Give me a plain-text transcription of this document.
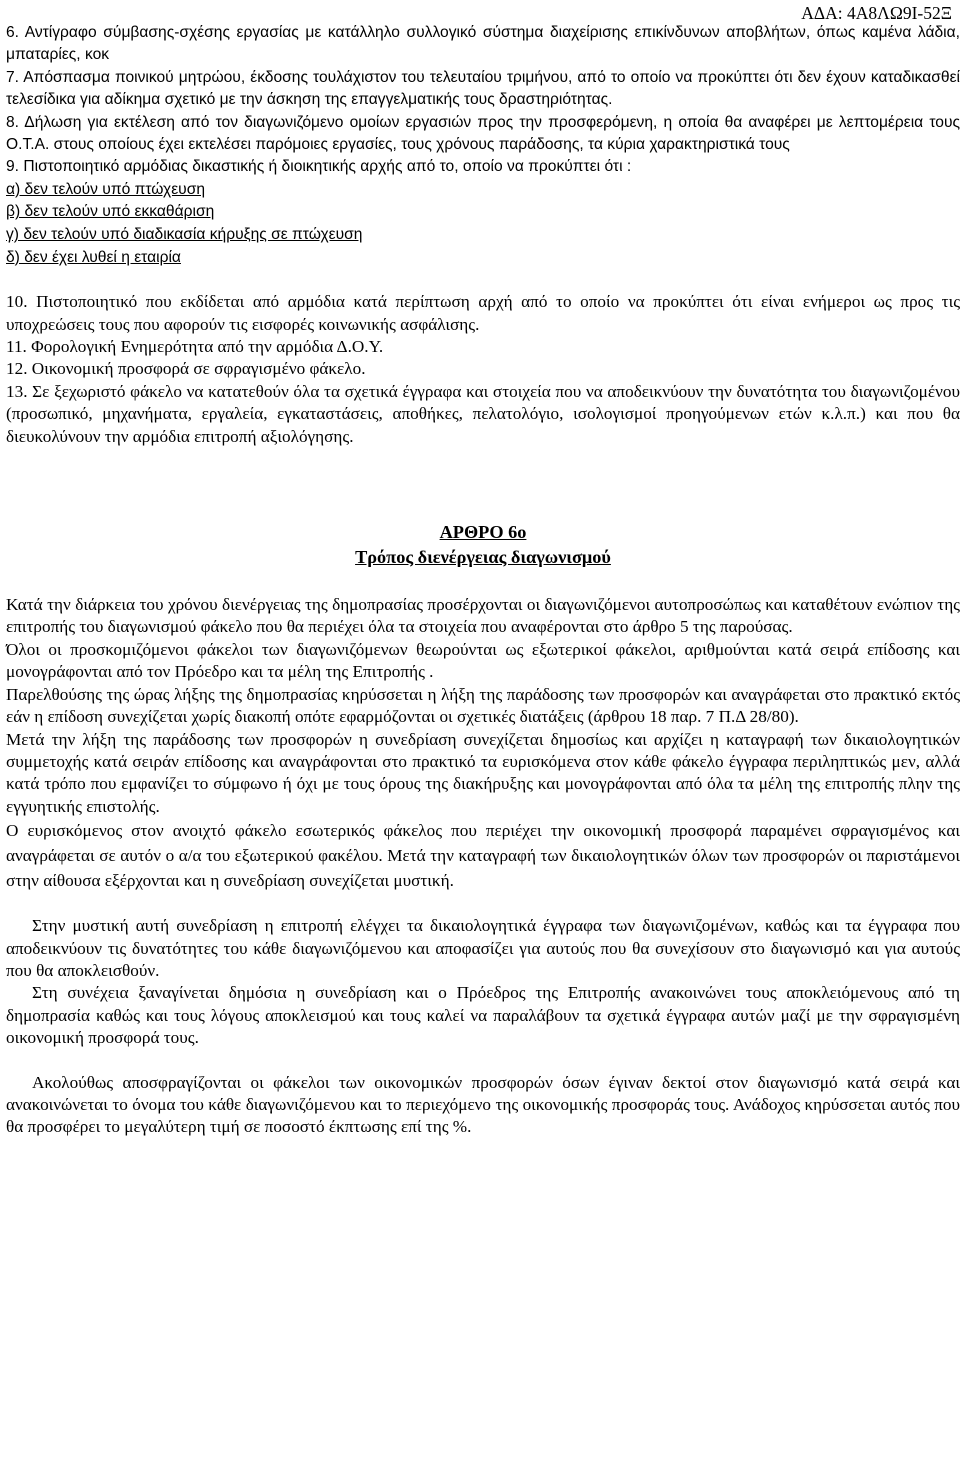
ΑΔΑ: 4Α8ΛΩ9Ι-52Ξ

6. Αντίγραφο σύμβασης-σχέσης εργασίας με κατάλληλο συλλογικό σύστημα διαχείρισης επικίνδυνων αποβλήτων, όπως καμένα λάδια, μπαταρίες, κοκ

7. Απόσπασμα ποινικού μητρώου, έκδοσης τουλάχιστον του τελευταίου τριμήνου, από το οποίο να προκύπτει ότι δεν έχουν καταδικασθεί τελεσίδικα για αδίκημα σχετικό με την άσκηση της επαγγελματικής τους δραστηριότητας.

8. Δήλωση για εκτέλεση από τον διαγωνιζόμενο ομοίων εργασιών προς την προσφερόμενη, η οποία θα αναφέρει με λεπτομέρεια τους Ο.Τ.Α. στους οποίους έχει εκτελέσει παρόμοιες εργασίες, τους χρόνους παράδοσης, τα κύρια χαρακτηριστικά τους

9. Πιστοποιητικό αρμόδιας δικαστικής ή διοικητικής αρχής από το, οποίο να προκύπτει ότι :

α) δεν τελούν υπό πτώχευση
β) δεν τελούν υπό εκκαθάριση
γ) δεν τελούν υπό διαδικασία κήρυξης σε πτώχευση
δ) δεν έχει λυθεί η εταιρία

10. Πιστοποιητικό που εκδίδεται από αρμόδια κατά περίπτωση αρχή από το οποίο να προκύπτει ότι είναι ενήμεροι ως προς τις υποχρεώσεις τους που αφορούν τις εισφορές κοινωνικής ασφάλισης.

11. Φορολογική Ενημερότητα από την αρμόδια Δ.Ο.Υ.

12. Οικονομική προσφορά σε σφραγισμένο φάκελο.

13. Σε ξεχωριστό φάκελο να κατατεθούν όλα τα σχετικά έγγραφα και στοιχεία που να αποδεικνύουν την δυνατότητα του διαγωνιζομένου (προσωπικό, μηχανήματα, εργαλεία, εγκαταστάσεις, αποθήκες, πελατολόγιο, ισολογισμοί προηγούμενων ετών κ.λ.π.) και που θα διευκολύνουν την αρμόδια επιτροπή αξιολόγησης.

ΑΡΘΡΟ 6ο
Τρόπος διενέργειας διαγωνισμού

Κατά την διάρκεια του χρόνου διενέργειας της δημοπρασίας προσέρχονται οι διαγωνιζόμενοι αυτοπροσώπως και καταθέτουν ενώπιον της επιτροπής του διαγωνισμού φάκελο που θα περιέχει όλα τα στοιχεία που αναφέρονται στο άρθρο 5 της παρούσας.

Όλοι οι προσκομιζόμενοι φάκελοι των διαγωνιζόμενων θεωρούνται ως εξωτερικοί φάκελοι, αριθμούνται κατά σειρά επίδοσης και μονογράφονται από τον Πρόεδρο και τα μέλη της Επιτροπής .

Παρελθούσης της ώρας λήξης της δημοπρασίας κηρύσσεται η λήξη της παράδοσης των προσφορών και αναγράφεται στο πρακτικό εκτός εάν η επίδοση συνεχίζεται χωρίς διακοπή οπότε εφαρμόζονται οι σχετικές διατάξεις (άρθρου 18 παρ. 7 Π.Δ 28/80).

Μετά την λήξη της παράδοσης των προσφορών η συνεδρίαση συνεχίζεται δημοσίως και αρχίζει η καταγραφή των δικαιολογητικών συμμετοχής κατά σειράν επίδοσης και αναγράφονται στο πρακτικό τα ευρισκόμενα στον κάθε φάκελο έγγραφα περιληπτικώς μεν, αλλά κατά τρόπο που εμφανίζει το σύμφωνο ή όχι με τους όρους της διακήρυξης και μονογράφονται από όλα τα μέλη της επιτροπής πλην της εγγυητικής επιστολής.

Ο ευρισκόμενος στον ανοιχτό φάκελο εσωτερικός φάκελος που περιέχει την οικονομική προσφορά παραμένει σφραγισμένος και αναγράφεται σε αυτόν ο α/α του εξωτερικού φακέλου. Μετά την καταγραφή των δικαιολογητικών όλων των προσφορών οι παριστάμενοι στην αίθουσα εξέρχονται και η συνεδρίαση συνεχίζεται μυστική.

Στην μυστική αυτή συνεδρίαση η επιτροπή ελέγχει τα δικαιολογητικά έγγραφα των διαγωνιζομένων, καθώς και τα έγγραφα που αποδεικνύουν τις δυνατότητες του κάθε διαγωνιζόμενου και αποφασίζει για αυτούς που θα συνεχίσουν στο διαγωνισμό και για αυτούς που θα αποκλεισθούν.

Στη συνέχεια ξαναγίνεται δημόσια η συνεδρίαση και ο Πρόεδρος της Επιτροπής ανακοινώνει τους αποκλειόμενους από τη δημοπρασία καθώς και τους λόγους αποκλεισμού και τους καλεί να παραλάβουν τα σχετικά έγγραφα αυτών μαζί με την σφραγισμένη οικονομική προσφορά τους.

Ακολούθως αποσφραγίζονται οι φάκελοι των οικονομικών προσφορών όσων έγιναν δεκτοί στον διαγωνισμό κατά σειρά και ανακοινώνεται το όνομα του κάθε διαγωνιζόμενου και το περιεχόμενο της οικονομικής προσφοράς τους. Ανάδοχος κηρύσσεται αυτός που θα προσφέρει το μεγαλύτερη τιμή σε ποσοστό έκπτωσης επί της %.
